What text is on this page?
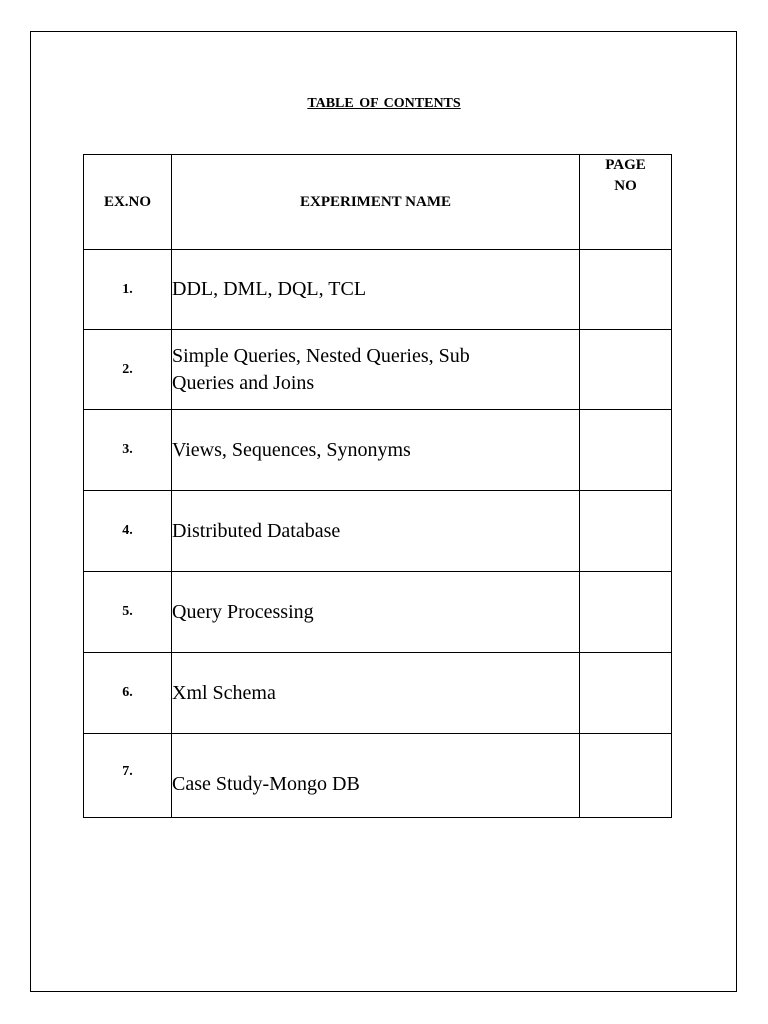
TABLE OF CONTENTS
EX.NO	EXPERIMENT NAME	PAGE
NO
1.	DDL, DML, DQL, TCL	
2.	Simple Queries, Nested Queries, Sub
Queries and Joins	
3.	Views, Sequences, Synonyms	
4.	Distributed Database	
5.	Query Processing	
6.	Xml Schema	
7.	Case Study-Mongo DB	
